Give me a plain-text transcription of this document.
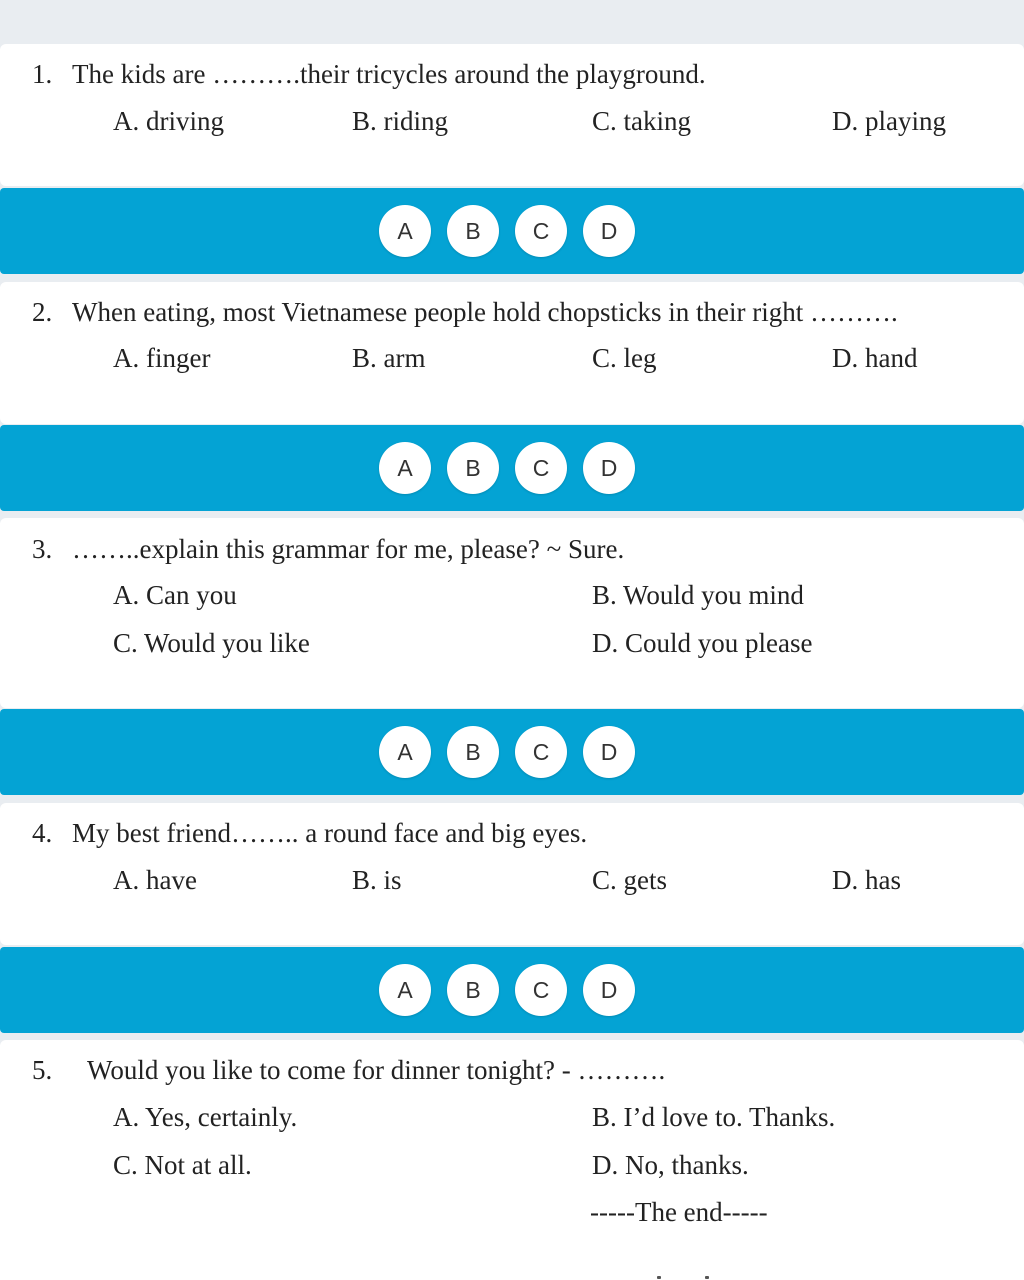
1. The kids are ……….their tricycles around the playground.
A. driving	B. riding	C. taking	D. playing
A	B	C	D
2. When eating, most Vietnamese people hold chopsticks in their right ……….
A. finger	B. arm	C. leg	D. hand
A	B	C	D
3. ……..explain this grammar for me, please? ~ Sure.
A. Can you	B. Would you mind
C. Would you like	D. Could you please
A	B	C	D
4. My best friend…….. a round face and big eyes.
A. have	B. is	C. gets	D. has
A	B	C	D
5. Would you like to come for dinner tonight? - ……….
A. Yes, certainly.	B. I’d love to. Thanks.
C. Not at all.	D. No, thanks.
-----The end-----
